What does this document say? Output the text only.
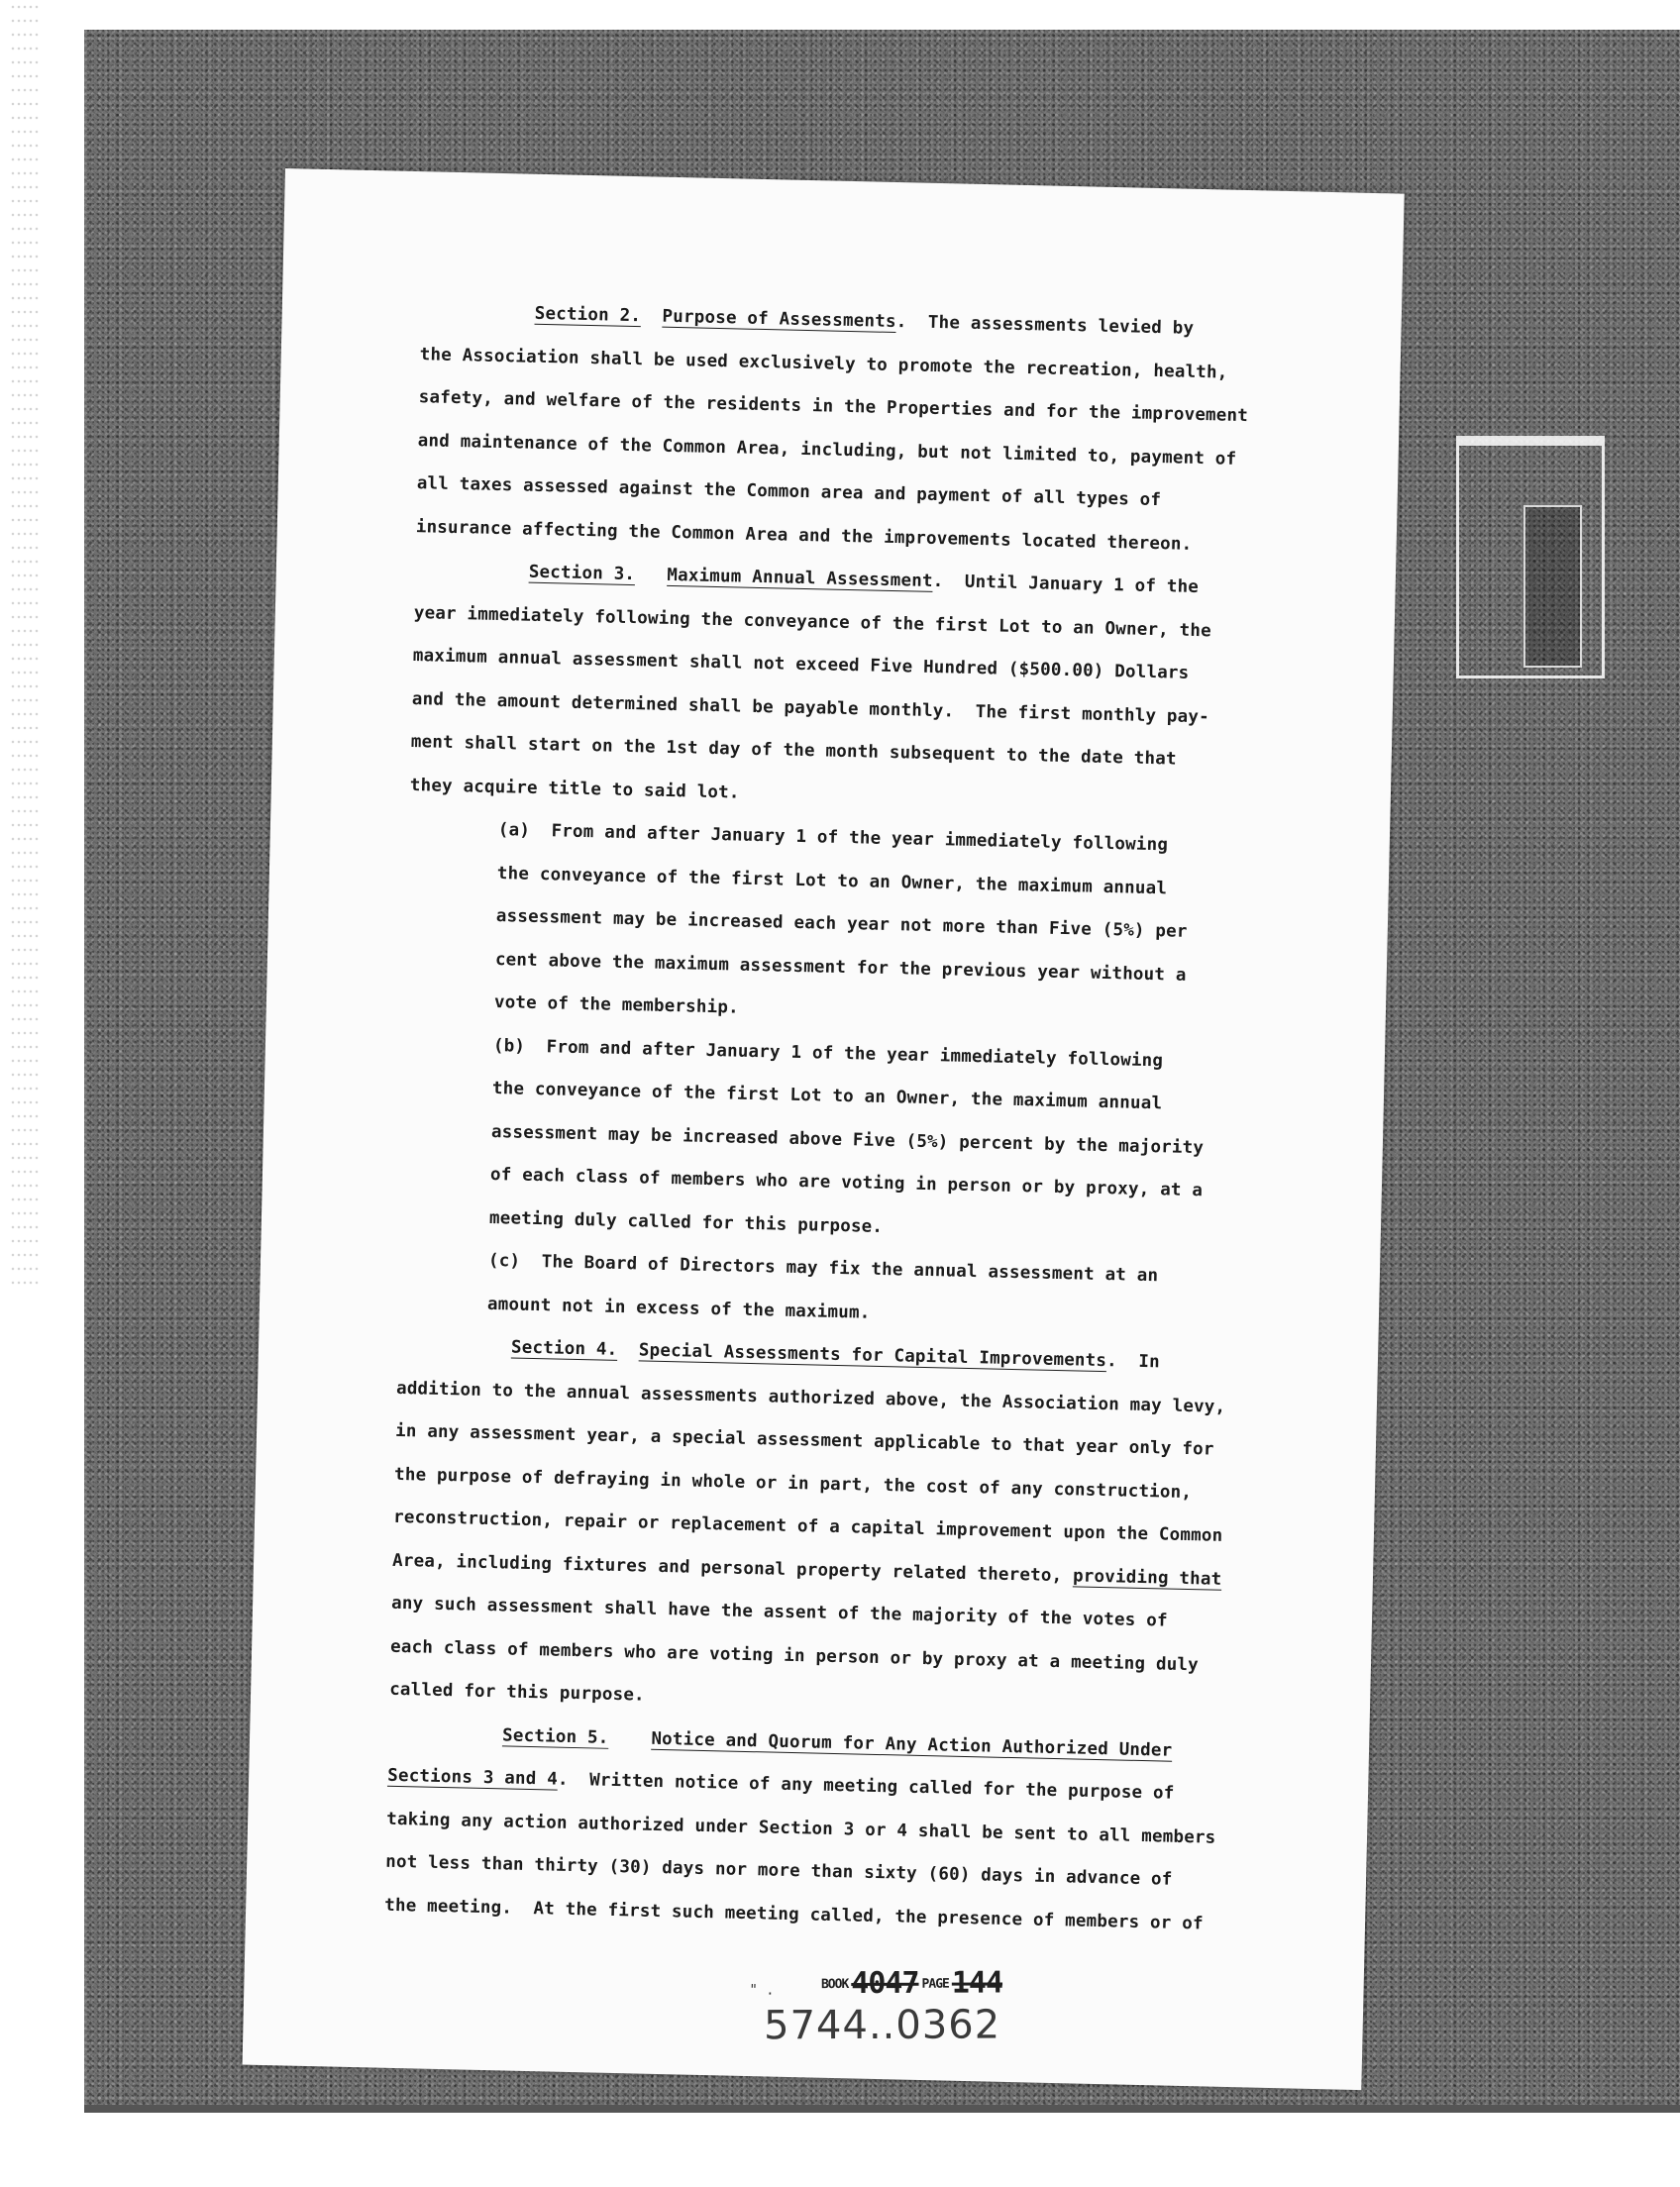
Section 2. Purpose of Assessments.  The assessments levied by
the Association shall be used exclusively to promote the recreation, health,
safety, and welfare of the residents in the Properties and for the improvement
and maintenance of the Common Area, including, but not limited to, payment of
all taxes assessed against the Common area and payment of all types of
insurance affecting the Common Area and the improvements located thereon.
Section 3. Maximum Annual Assessment.  Until January 1 of the
year immediately following the conveyance of the first Lot to an Owner, the
maximum annual assessment shall not exceed Five Hundred ($500.00) Dollars
and the amount determined shall be payable monthly.  The first monthly pay-
ment shall start on the 1st day of the month subsequent to the date that
they acquire title to said lot.
(a)  From and after January 1 of the year immediately following
the conveyance of the first Lot to an Owner, the maximum annual
assessment may be increased each year not more than Five (5%) per
cent above the maximum assessment for the previous year without a
vote of the membership.
(b)  From and after January 1 of the year immediately following
the conveyance of the first Lot to an Owner, the maximum annual
assessment may be increased above Five (5%) percent by the majority
of each class of members who are voting in person or by proxy, at a
meeting duly called for this purpose.
(c)  The Board of Directors may fix the annual assessment at an
amount not in excess of the maximum.
Section 4. Special Assessments for Capital Improvements.  In
addition to the annual assessments authorized above, the Association may levy,
in any assessment year, a special assessment applicable to that year only for
the purpose of defraying in whole or in part, the cost of any construction,
reconstruction, repair or replacement of a capital improvement upon the Common
Area, including fixtures and personal property related thereto, providing that
any such assessment shall have the assent of the majority of the votes of
each class of members who are voting in person or by proxy at a meeting duly
called for this purpose.
Section 5. Notice and Quorum for Any Action Authorized Under
Sections 3 and 4.  Written notice of any meeting called for the purpose of
taking any action authorized under Section 3 or 4 shall be sent to all members
not less than thirty (30) days nor more than sixty (60) days in advance of
the meeting.  At the first such meeting called, the presence of members or of
" .	BOOK4047 PAGE144
5744..0362
